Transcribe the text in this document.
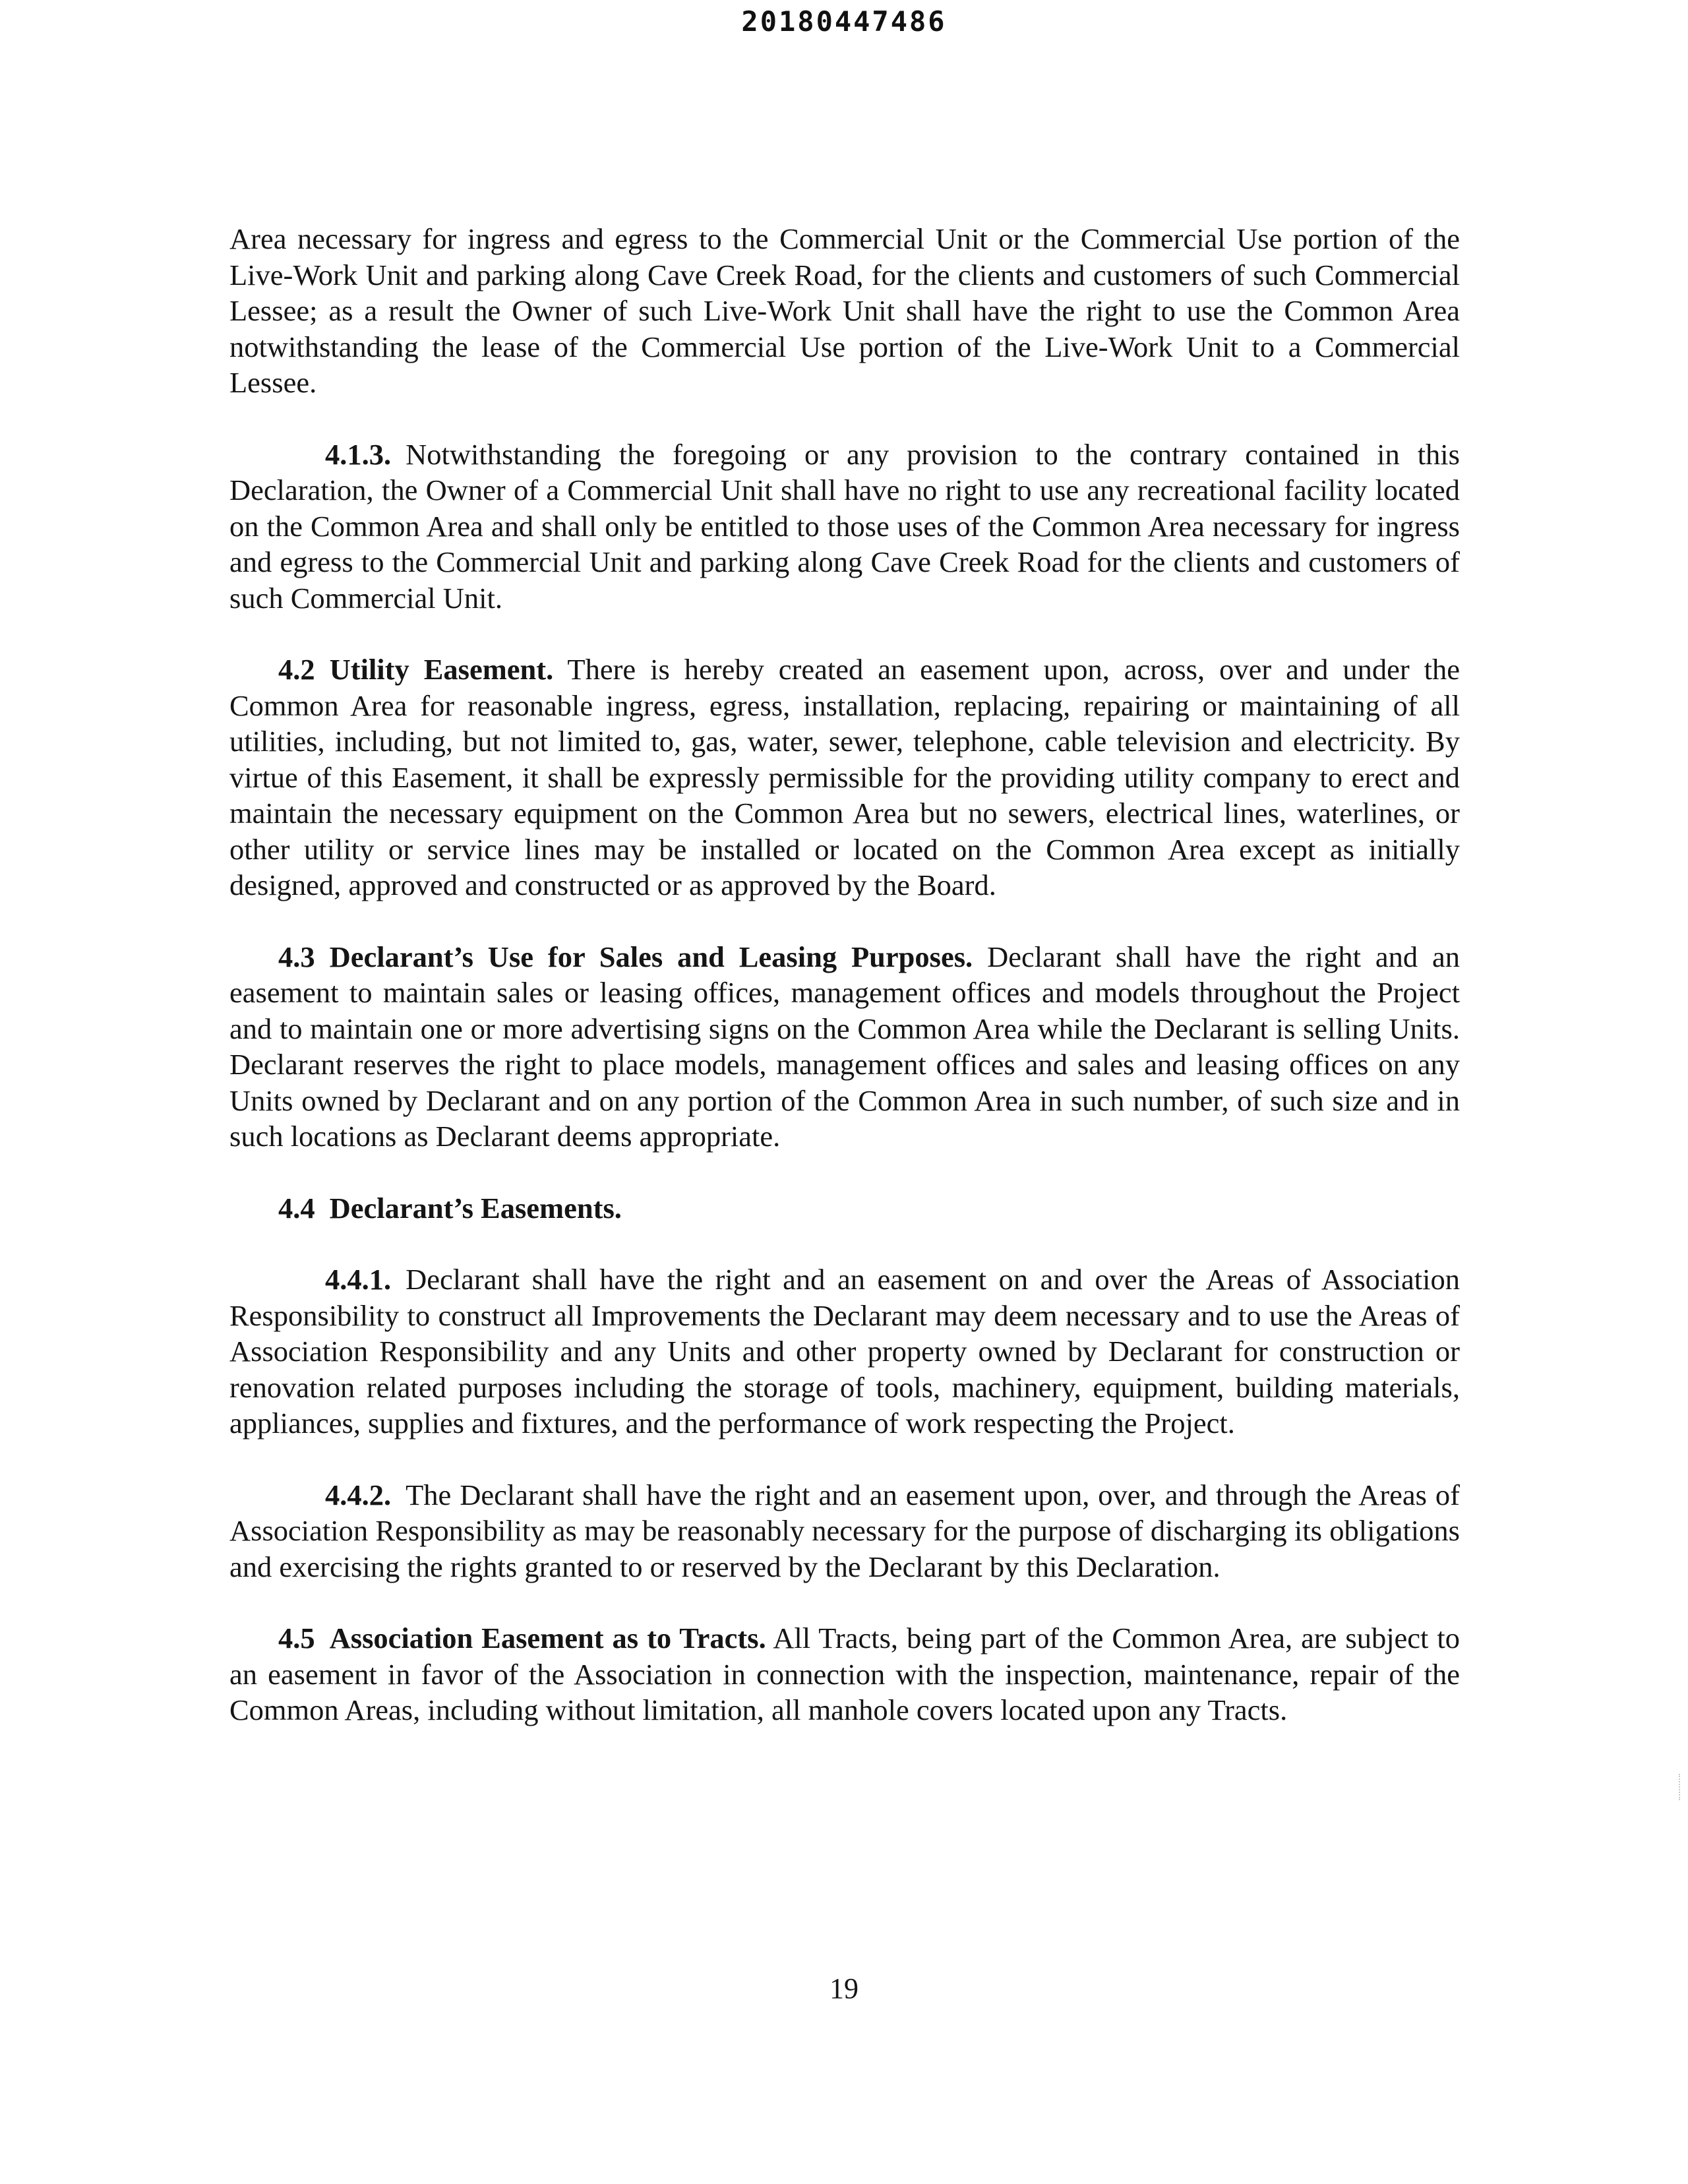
20180447486

Area necessary for ingress and egress to the Commercial Unit or the Commercial Use portion of the Live-Work Unit and parking along Cave Creek Road, for the clients and customers of such Commercial Lessee; as a result the Owner of such Live-Work Unit shall have the right to use the Common Area notwithstanding the lease of the Commercial Use portion of the Live-Work Unit to a Commercial Lessee.

4.1.3. Notwithstanding the foregoing or any provision to the contrary contained in this Declaration, the Owner of a Commercial Unit shall have no right to use any recreational facility located on the Common Area and shall only be entitled to those uses of the Common Area necessary for ingress and egress to the Commercial Unit and parking along Cave Creek Road for the clients and customers of such Commercial Unit.

4.2 Utility Easement. There is hereby created an easement upon, across, over and under the Common Area for reasonable ingress, egress, installation, replacing, repairing or maintaining of all utilities, including, but not limited to, gas, water, sewer, telephone, cable television and electricity. By virtue of this Easement, it shall be expressly permissible for the providing utility company to erect and maintain the necessary equipment on the Common Area but no sewers, electrical lines, waterlines, or other utility or service lines may be installed or located on the Common Area except as initially designed, approved and constructed or as approved by the Board.

4.3 Declarant’s Use for Sales and Leasing Purposes. Declarant shall have the right and an easement to maintain sales or leasing offices, management offices and models throughout the Project and to maintain one or more advertising signs on the Common Area while the Declarant is selling Units. Declarant reserves the right to place models, management offices and sales and leasing offices on any Units owned by Declarant and on any portion of the Common Area in such number, of such size and in such locations as Declarant deems appropriate.

4.4 Declarant’s Easements.

4.4.1. Declarant shall have the right and an easement on and over the Areas of Association Responsibility to construct all Improvements the Declarant may deem necessary and to use the Areas of Association Responsibility and any Units and other property owned by Declarant for construction or renovation related purposes including the storage of tools, machinery, equipment, building materials, appliances, supplies and fixtures, and the performance of work respecting the Project.

4.4.2. The Declarant shall have the right and an easement upon, over, and through the Areas of Association Responsibility as may be reasonably necessary for the purpose of discharging its obligations and exercising the rights granted to or reserved by the Declarant by this Declaration.

4.5 Association Easement as to Tracts. All Tracts, being part of the Common Area, are subject to an easement in favor of the Association in connection with the inspection, maintenance, repair of the Common Areas, including without limitation, all manhole covers located upon any Tracts.

19
